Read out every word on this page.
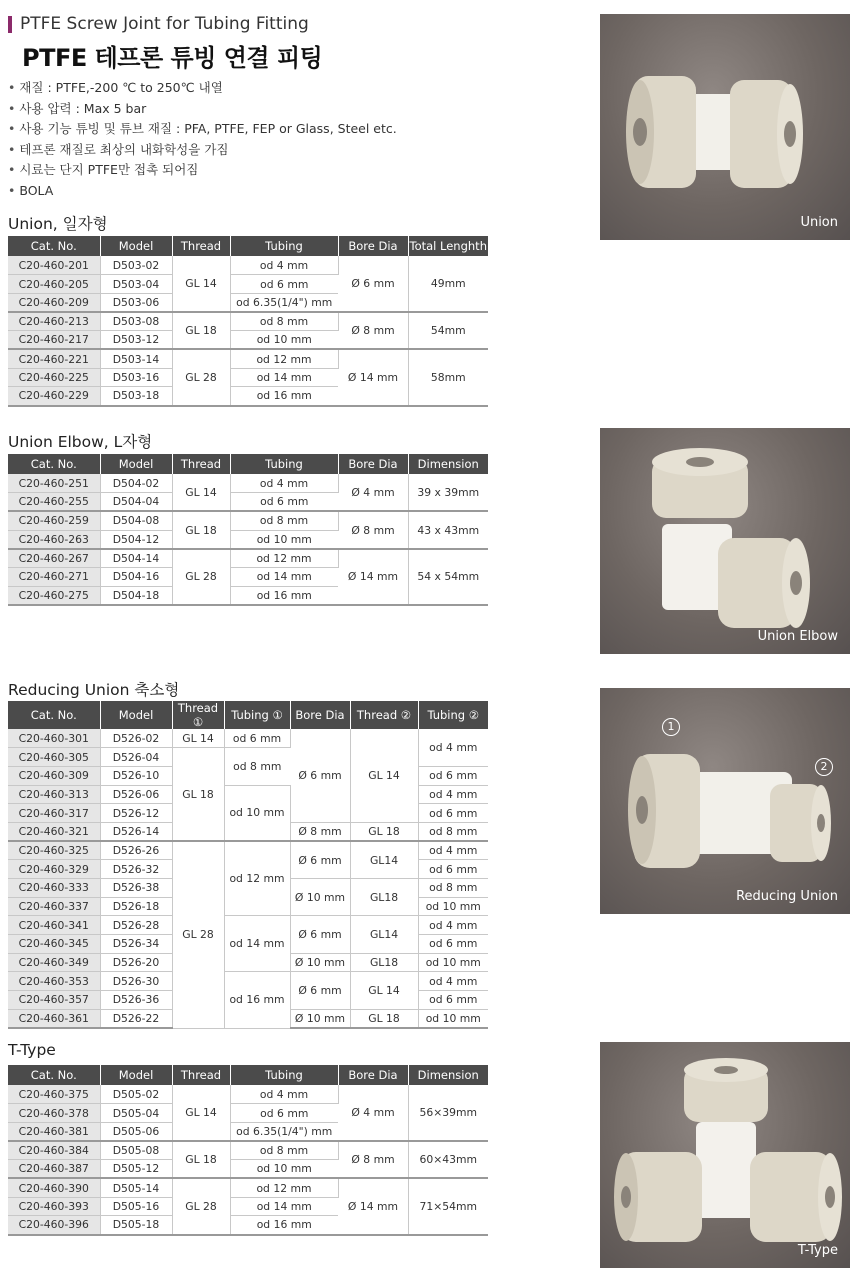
PTFE Screw Joint for Tubing Fitting
PTFE 테프론 튜빙 연결 피팅
• 재질 : PTFE,-200 ℃ to 250℃ 내열
• 사용 압력 : Max 5 bar
• 사용 기능 튜빙 및 튜브 재질 : PFA, PTFE, FEP or Glass, Steel etc.
• 테프론 재질로 최상의 내화학성을 가짐
• 시료는 단지 PTFE만 접촉 되어짐
• BOLA
Union, 일자형
Cat. No.	Model	Thread	Tubing	Bore Dia	Total Lenghth
C20-460-201	D503-02	GL 14	od 4 mm	Ø 6 mm	49mm
C20-460-205	D503-04		od 6 mm		
C20-460-209	D503-06		od 6.35(1/4") mm		
C20-460-213	D503-08	GL 18	od 8 mm	Ø 8 mm	54mm
C20-460-217	D503-12		od 10 mm		
C20-460-221	D503-14	GL 28	od 12 mm	Ø 14 mm	58mm
C20-460-225	D503-16		od 14 mm		
C20-460-229	D503-18		od 16 mm		
Union
Union Elbow, L자형
Cat. No.	Model	Thread	Tubing	Bore Dia	Dimension
C20-460-251	D504-02	GL 14	od 4 mm	Ø 4 mm	39 x 39mm
C20-460-255	D504-04		od 6 mm		
C20-460-259	D504-08	GL 18	od 8 mm	Ø 8 mm	43 x 43mm
C20-460-263	D504-12		od 10 mm		
C20-460-267	D504-14	GL 28	od 12 mm	Ø 14 mm	54 x 54mm
C20-460-271	D504-16		od 14 mm		
C20-460-275	D504-18		od 16 mm		
Union Elbow
Reducing Union 축소형
Cat. No.	Model	Thread ①	Tubing ①	Bore Dia	Thread ②	Tubing ②
C20-460-301	D526-02	GL 14	od 6 mm	Ø 6 mm	GL 14	od 4 mm
C20-460-305	D526-04	GL 18	od 8 mm			
C20-460-309	D526-10					od 6 mm
C20-460-313	D526-06		od 10 mm			od 4 mm
C20-460-317	D526-12					od 6 mm
C20-460-321	D526-14			Ø 8 mm	GL 18	od 8 mm
C20-460-325	D526-26	GL 28	od 12 mm	Ø 6 mm	GL14	od 4 mm
C20-460-329	D526-32					od 6 mm
C20-460-333	D526-38			Ø 10 mm	GL18	od 8 mm
C20-460-337	D526-18					od 10 mm
C20-460-341	D526-28		od 14 mm	Ø 6 mm	GL14	od 4 mm
C20-460-345	D526-34					od 6 mm
C20-460-349	D526-20			Ø 10 mm	GL18	od 10 mm
C20-460-353	D526-30		od 16 mm	Ø 6 mm	GL 14	od 4 mm
C20-460-357	D526-36					od 6 mm
C20-460-361	D526-22			Ø 10 mm	GL 18	od 10 mm
1
2
Reducing Union
T-Type
Cat. No.	Model	Thread	Tubing	Bore Dia	Dimension
C20-460-375	D505-02	GL 14	od 4 mm	Ø 4 mm	56×39mm
C20-460-378	D505-04		od 6 mm		
C20-460-381	D505-06		od 6.35(1/4") mm		
C20-460-384	D505-08	GL 18	od 8 mm	Ø 8 mm	60×43mm
C20-460-387	D505-12		od 10 mm		
C20-460-390	D505-14	GL 28	od 12 mm	Ø 14 mm	71×54mm
C20-460-393	D505-16		od 14 mm		
C20-460-396	D505-18		od 16 mm		
T-Type
